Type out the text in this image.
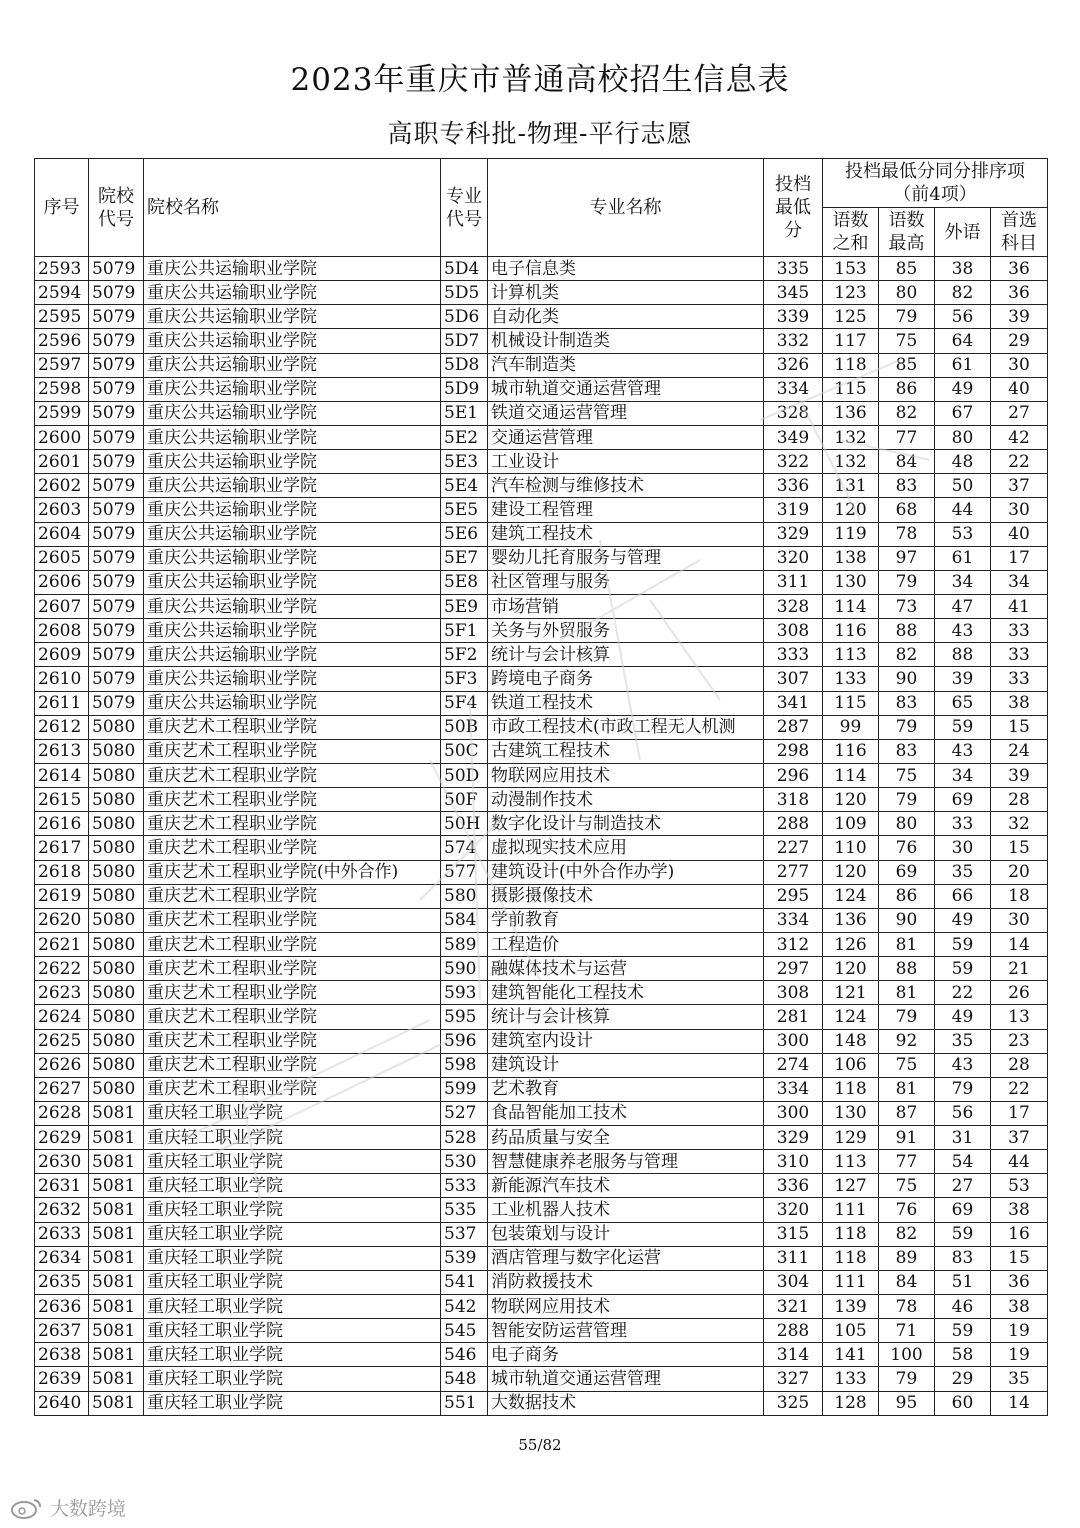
2023年重庆市普通高校招生信息表
高职专科批-物理-平行志愿
序号	院校代号	院校名称	专业代号	专业名称	投档最低分	投档最低分同分排序项
（前4项）			

						语数之和	语数最高	外语	首选科目
2593	5079	重庆公共运输职业学院	5D4	电子信息类	335	153	85	38	36
2594	5079	重庆公共运输职业学院	5D5	计算机类	345	123	80	82	36
2595	5079	重庆公共运输职业学院	5D6	自动化类	339	125	79	56	39
2596	5079	重庆公共运输职业学院	5D7	机械设计制造类	332	117	75	64	29
2597	5079	重庆公共运输职业学院	5D8	汽车制造类	326	118	85	61	30
2598	5079	重庆公共运输职业学院	5D9	城市轨道交通运营管理	334	115	86	49	40
2599	5079	重庆公共运输职业学院	5E1	铁道交通运营管理	328	136	82	67	27
2600	5079	重庆公共运输职业学院	5E2	交通运营管理	349	132	77	80	42
2601	5079	重庆公共运输职业学院	5E3	工业设计	322	132	84	48	22
2602	5079	重庆公共运输职业学院	5E4	汽车检测与维修技术	336	131	83	50	37
2603	5079	重庆公共运输职业学院	5E5	建设工程管理	319	120	68	44	30
2604	5079	重庆公共运输职业学院	5E6	建筑工程技术	329	119	78	53	40
2605	5079	重庆公共运输职业学院	5E7	婴幼儿托育服务与管理	320	138	97	61	17
2606	5079	重庆公共运输职业学院	5E8	社区管理与服务	311	130	79	34	34
2607	5079	重庆公共运输职业学院	5E9	市场营销	328	114	73	47	41
2608	5079	重庆公共运输职业学院	5F1	关务与外贸服务	308	116	88	43	33
2609	5079	重庆公共运输职业学院	5F2	统计与会计核算	333	113	82	88	33
2610	5079	重庆公共运输职业学院	5F3	跨境电子商务	307	133	90	39	33
2611	5079	重庆公共运输职业学院	5F4	铁道工程技术	341	115	83	65	38
2612	5080	重庆艺术工程职业学院	50B	市政工程技术(市政工程无人机测	287	99	79	59	15
2613	5080	重庆艺术工程职业学院	50C	古建筑工程技术	298	116	83	43	24
2614	5080	重庆艺术工程职业学院	50D	物联网应用技术	296	114	75	34	39
2615	5080	重庆艺术工程职业学院	50F	动漫制作技术	318	120	79	69	28
2616	5080	重庆艺术工程职业学院	50H	数字化设计与制造技术	288	109	80	33	32
2617	5080	重庆艺术工程职业学院	574	虚拟现实技术应用	227	110	76	30	15
2618	5080	重庆艺术工程职业学院(中外合作)	577	建筑设计(中外合作办学)	277	120	69	35	20
2619	5080	重庆艺术工程职业学院	580	摄影摄像技术	295	124	86	66	18
2620	5080	重庆艺术工程职业学院	584	学前教育	334	136	90	49	30
2621	5080	重庆艺术工程职业学院	589	工程造价	312	126	81	59	14
2622	5080	重庆艺术工程职业学院	590	融媒体技术与运营	297	120	88	59	21
2623	5080	重庆艺术工程职业学院	593	建筑智能化工程技术	308	121	81	22	26
2624	5080	重庆艺术工程职业学院	595	统计与会计核算	281	124	79	49	13
2625	5080	重庆艺术工程职业学院	596	建筑室内设计	300	148	92	35	23
2626	5080	重庆艺术工程职业学院	598	建筑设计	274	106	75	43	28
2627	5080	重庆艺术工程职业学院	599	艺术教育	334	118	81	79	22
2628	5081	重庆轻工职业学院	527	食品智能加工技术	300	130	87	56	17
2629	5081	重庆轻工职业学院	528	药品质量与安全	329	129	91	31	37
2630	5081	重庆轻工职业学院	530	智慧健康养老服务与管理	310	113	77	54	44
2631	5081	重庆轻工职业学院	533	新能源汽车技术	336	127	75	27	53
2632	5081	重庆轻工职业学院	535	工业机器人技术	320	111	76	69	38
2633	5081	重庆轻工职业学院	537	包装策划与设计	315	118	82	59	16
2634	5081	重庆轻工职业学院	539	酒店管理与数字化运营	311	118	89	83	15
2635	5081	重庆轻工职业学院	541	消防救援技术	304	111	84	51	36
2636	5081	重庆轻工职业学院	542	物联网应用技术	321	139	78	46	38
2637	5081	重庆轻工职业学院	545	智能安防运营管理	288	105	71	59	19
2638	5081	重庆轻工职业学院	546	电子商务	314	141	100	58	19
2639	5081	重庆轻工职业学院	548	城市轨道交通运营管理	327	133	79	29	35
2640	5081	重庆轻工职业学院	551	大数据技术	325	128	95	60	14
55/82
大数跨境
